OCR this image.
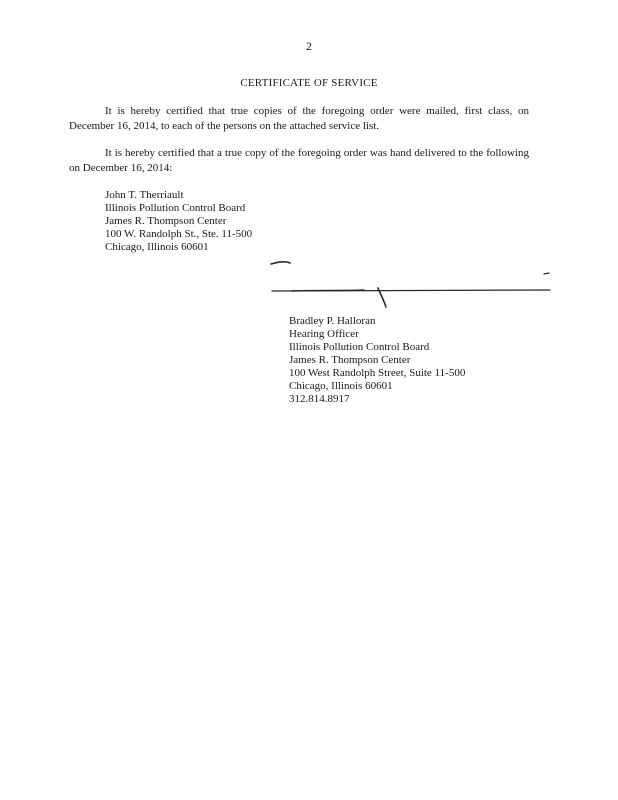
2
CERTIFICATE OF SERVICE
It is hereby certified that true copies of the foregoing order were mailed, first class, on December 16, 2014, to each of the persons on the attached service list.
It is hereby certified that a true copy of the foregoing order was hand delivered to the following on December 16, 2014:
John T. Therriault
Illinois Pollution Control Board
James R. Thompson Center
100 W. Randolph St., Ste. 11-500
Chicago, Illinois 60601
Bradley P. Halloran
Hearing Officer
Illinois Pollution Control Board
James R. Thompson Center
100 West Randolph Street, Suite 11-500
Chicago, Illinois 60601
312.814.8917
